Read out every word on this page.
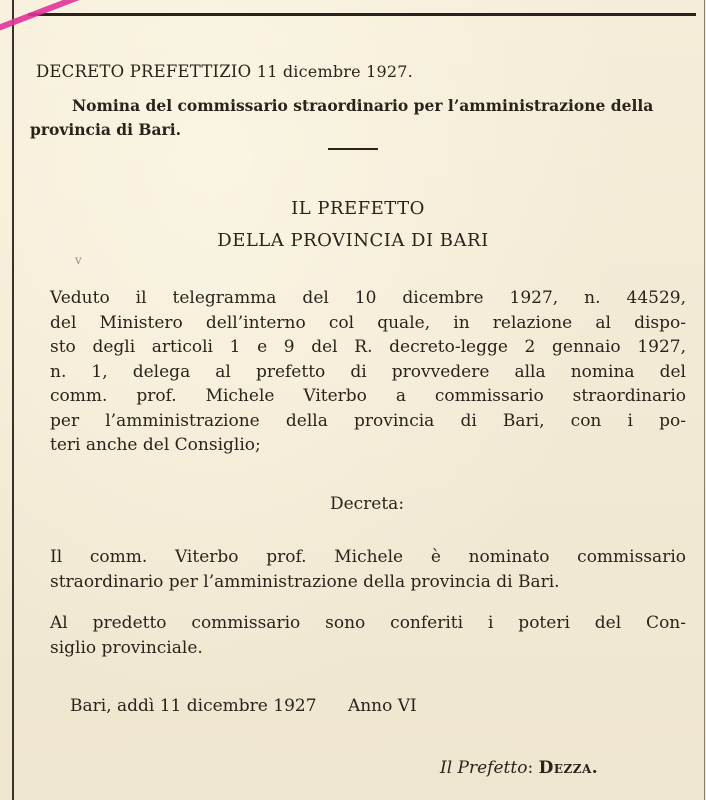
DECRETO PREFETTIZIO 11 dicembre 1927.
Nomina del commissario straordinario per l’amministrazione della provincia di Bari.
IL PREFETTO
DELLA PROVINCIA DI BARI
v
Veduto il telegramma del 10 dicembre 1927, n. 44529,
del Ministero dell’interno col quale, in relazione al dispo-
sto degli articoli 1 e 9 del R. decreto-legge 2 gennaio 1927,
n. 1, delega al prefetto di provvedere alla nomina del
comm. prof. Michele Viterbo a commissario straordinario
per l’amministrazione della provincia di Bari, con i po-
teri anche del Consiglio;
Decreta:
Il comm. Viterbo prof. Michele è nominato commissario
straordinario per l’amministrazione della provincia di Bari.
Al predetto commissario sono conferiti i poteri del Con-
siglio provinciale.
Bari, addì 11 dicembre 1927 Anno VI
Il Prefetto: Dezza.
